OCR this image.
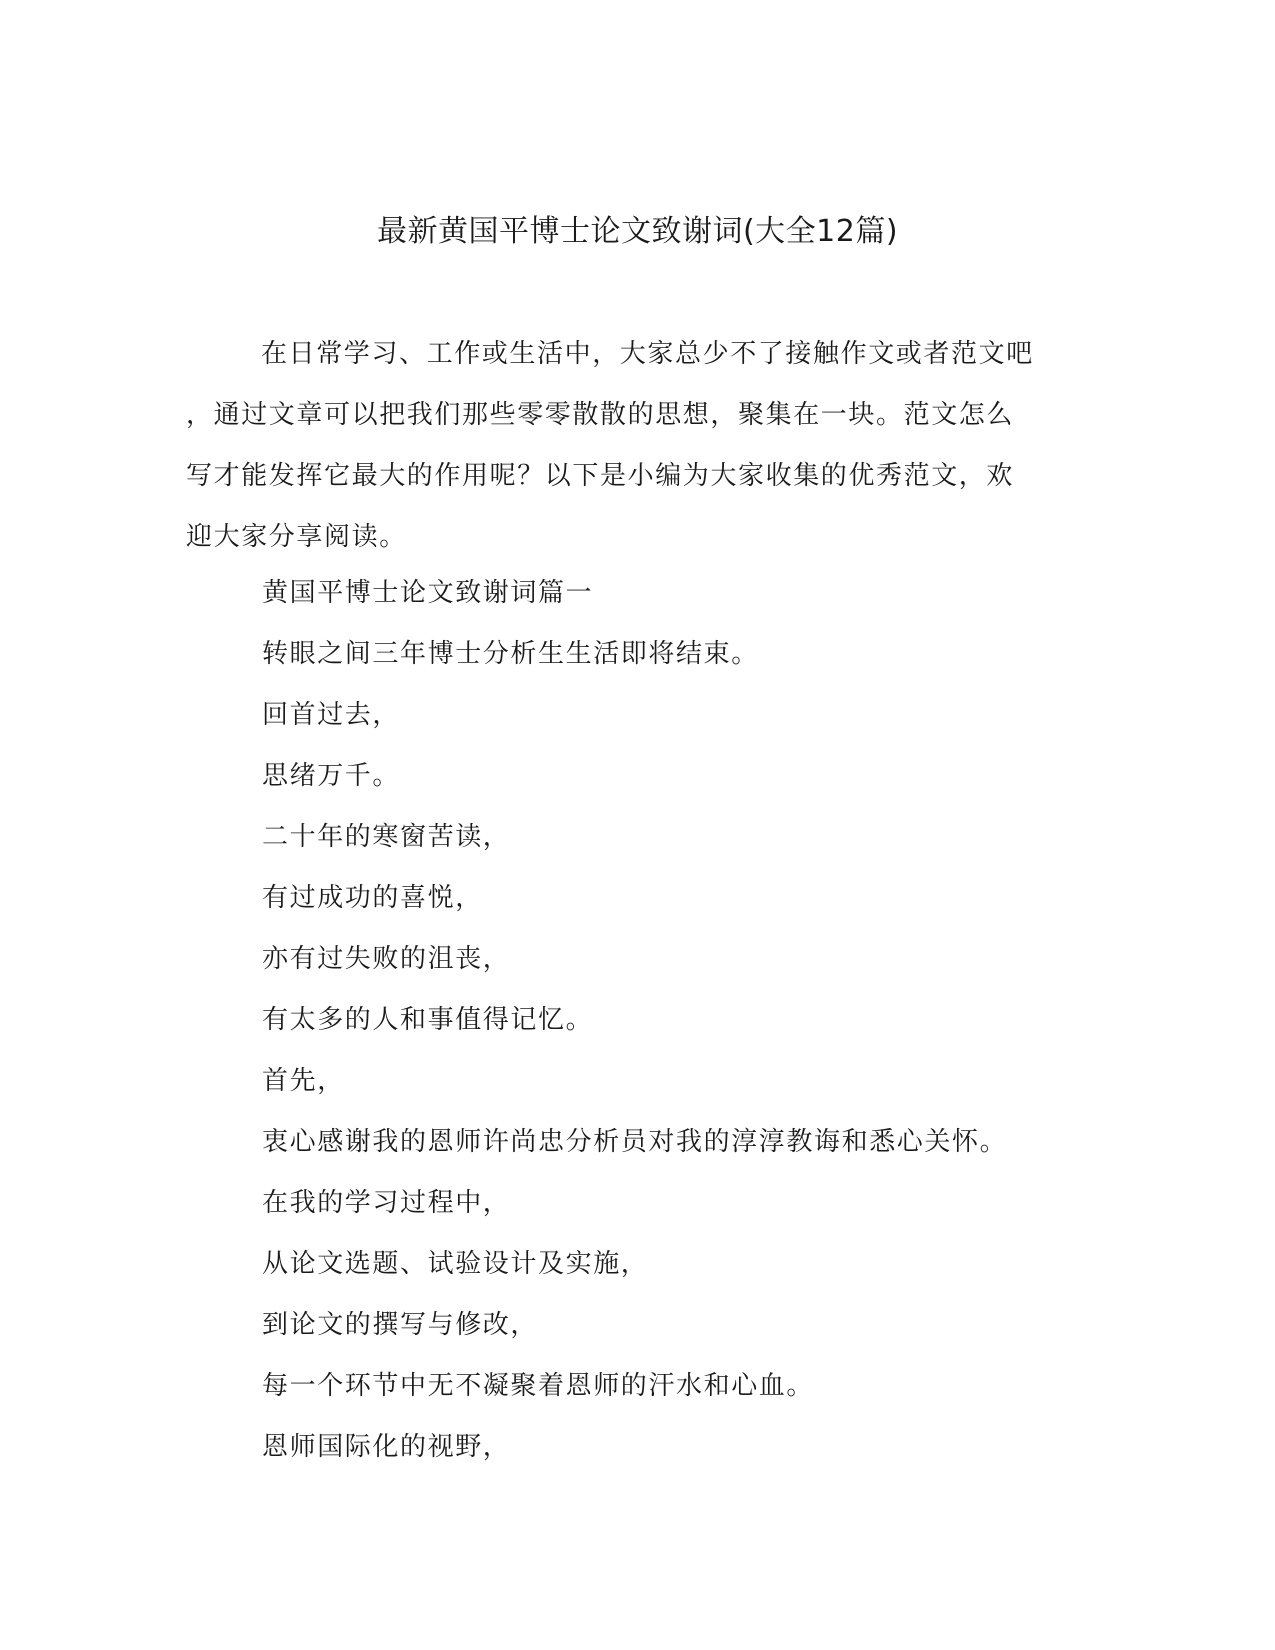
最新黄国平博士论文致谢词(大全12篇)
在日常学习、工作或生活中，大家总少不了接触作文或者范文吧
，通过文章可以把我们那些零零散散的思想，聚集在一块。范文怎么
写才能发挥它最大的作用呢？以下是小编为大家收集的优秀范文，欢
迎大家分享阅读。
黄国平博士论文致谢词篇一
转眼之间三年博士分析生生活即将结束。
回首过去，
思绪万千。
二十年的寒窗苦读，
有过成功的喜悦，
亦有过失败的沮丧，
有太多的人和事值得记忆。
首先，
衷心感谢我的恩师许尚忠分析员对我的淳淳教诲和悉心关怀。
在我的学习过程中，
从论文选题、试验设计及实施，
到论文的撰写与修改，
每一个环节中无不凝聚着恩师的汗水和心血。
恩师国际化的视野，
